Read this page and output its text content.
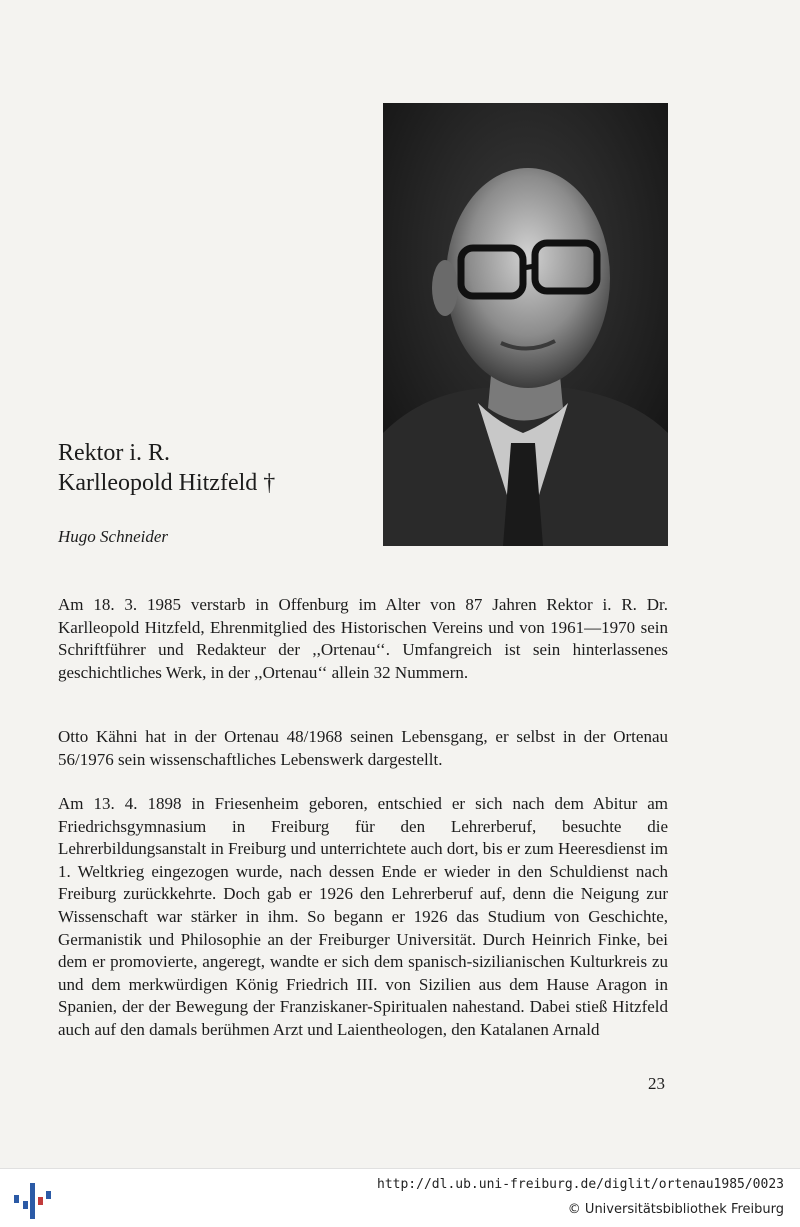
Rektor i. R.
Karlleopold Hitzfeld †
Hugo Schneider

Am 18. 3. 1985 verstarb in Offenburg im Alter von 87 Jahren Rektor i. R. Dr. Karlleopold Hitzfeld, Ehrenmitglied des Historischen Vereins und von 1961—1970 sein Schriftführer und Redakteur der ,,Ortenau‘‘. Umfangreich ist sein hinterlassenes geschichtliches Werk, in der ,,Ortenau‘‘ allein 32 Nummern.

Otto Kähni hat in der Ortenau 48/1968 seinen Lebensgang, er selbst in der Ortenau 56/1976 sein wissenschaftliches Lebenswerk dargestellt.

Am 13. 4. 1898 in Friesenheim geboren, entschied er sich nach dem Abitur am Friedrichsgymnasium in Freiburg für den Lehrerberuf, besuchte die Lehrerbildungsanstalt in Freiburg und unterrichtete auch dort, bis er zum Heeresdienst im 1. Weltkrieg eingezogen wurde, nach dessen Ende er wieder in den Schuldienst nach Freiburg zurückkehrte. Doch gab er 1926 den Lehrerberuf auf, denn die Neigung zur Wissenschaft war stärker in ihm. So begann er 1926 das Studium von Geschichte, Germanistik und Philosophie an der Freiburger Universität. Durch Heinrich Finke, bei dem er promovierte, angeregt, wandte er sich dem spanisch-sizilianischen Kulturkreis zu und dem merkwürdigen König Friedrich III. von Sizilien aus dem Hause Aragon in Spanien, der der Bewegung der Franziskaner-Spiritualen nahestand. Dabei stieß Hitzfeld auch auf den damals berühmen Arzt und Laientheologen, den Katalanen Arnald

23
http://dl.ub.uni-freiburg.de/diglit/ortenau1985/0023
© Universitätsbibliothek Freiburg
